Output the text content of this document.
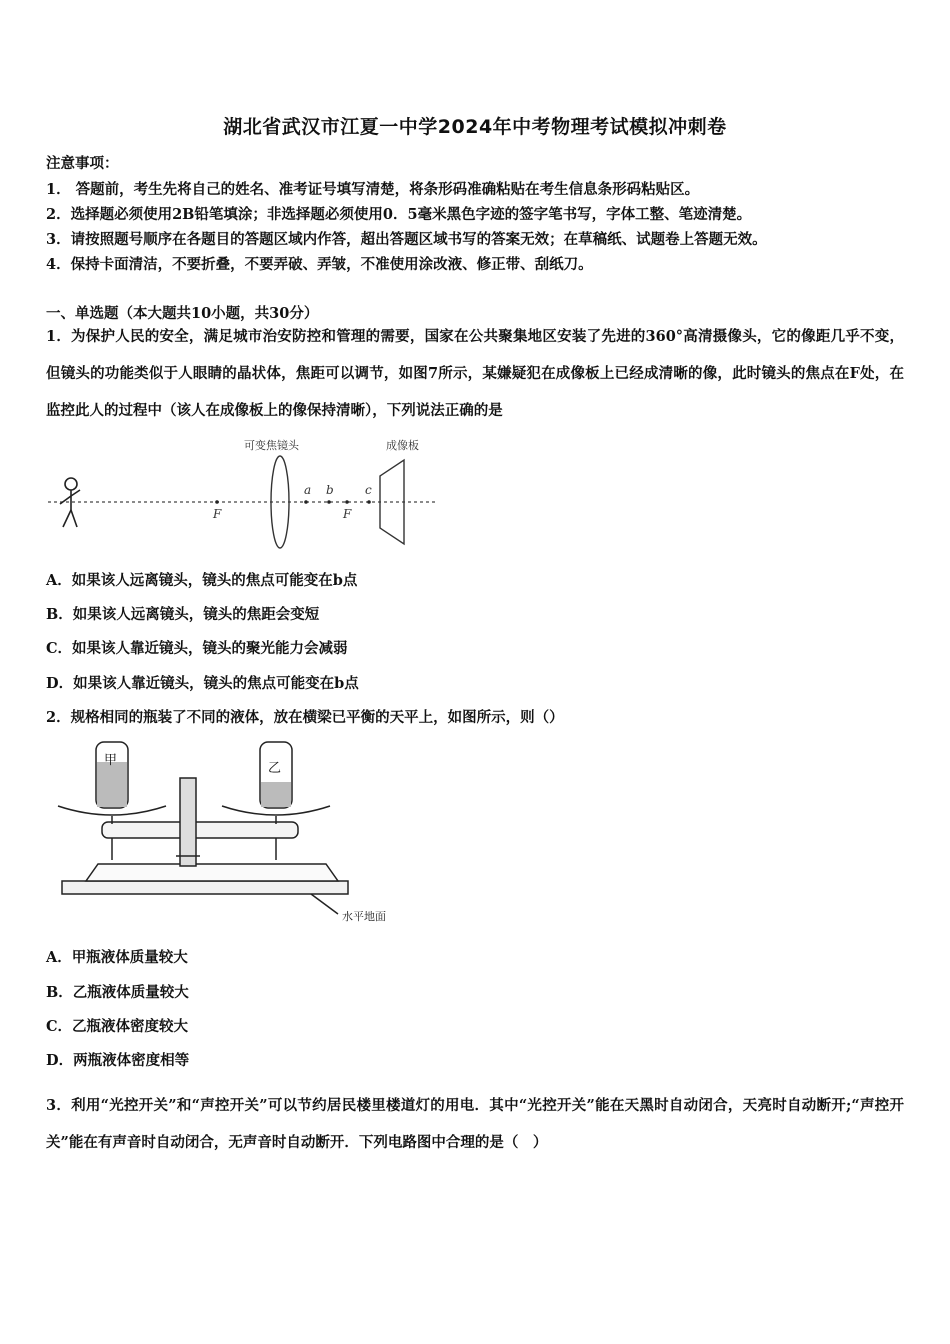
湖北省武汉市江夏一中学2024年中考物理考试模拟冲刺卷
注意事项：
1． 答题前，考生先将自己的姓名、准考证号填写清楚，将条形码准确粘贴在考生信息条形码粘贴区。
2．选择题必须使用2B铅笔填涂；非选择题必须使用0．5毫米黑色字迹的签字笔书写，字体工整、笔迹清楚。
3．请按照题号顺序在各题目的答题区域内作答，超出答题区域书写的答案无效；在草稿纸、试题卷上答题无效。
4．保持卡面清洁，不要折叠，不要弄破、弄皱，不准使用涂改液、修正带、刮纸刀。
一、单选题（本大题共10小题，共30分）
1．为保护人民的安全，满足城市治安防控和管理的需要，国家在公共聚集地区安装了先进的360°高清摄像头，它的像距几乎不变，但镜头的功能类似于人眼睛的晶状体，焦距可以调节，如图7所示，某嫌疑犯在成像板上已经成清晰的像，此时镜头的焦点在F处，在监控此人的过程中（该人在成像板上的像保持清晰），下列说法正确的是
F
可变焦镜头
a b
F
c
成像板
A．如果该人远离镜头，镜头的焦点可能变在b点
B．如果该人远离镜头，镜头的焦距会变短
C．如果该人靠近镜头，镜头的聚光能力会减弱
D．如果该人靠近镜头，镜头的焦点可能变在b点
2．规格相同的瓶装了不同的液体，放在横梁已平衡的天平上，如图所示，则（）
甲
乙
水平地面
A．甲瓶液体质量较大
B．乙瓶液体质量较大
C．乙瓶液体密度较大
D．两瓶液体密度相等
3．利用“光控开关”和“声控开关”可以节约居民楼里楼道灯的用电．其中“光控开关”能在天黑时自动闭合，天亮时自动断开;“声控开关”能在有声音时自动闭合，无声音时自动断开．下列电路图中合理的是（　）
